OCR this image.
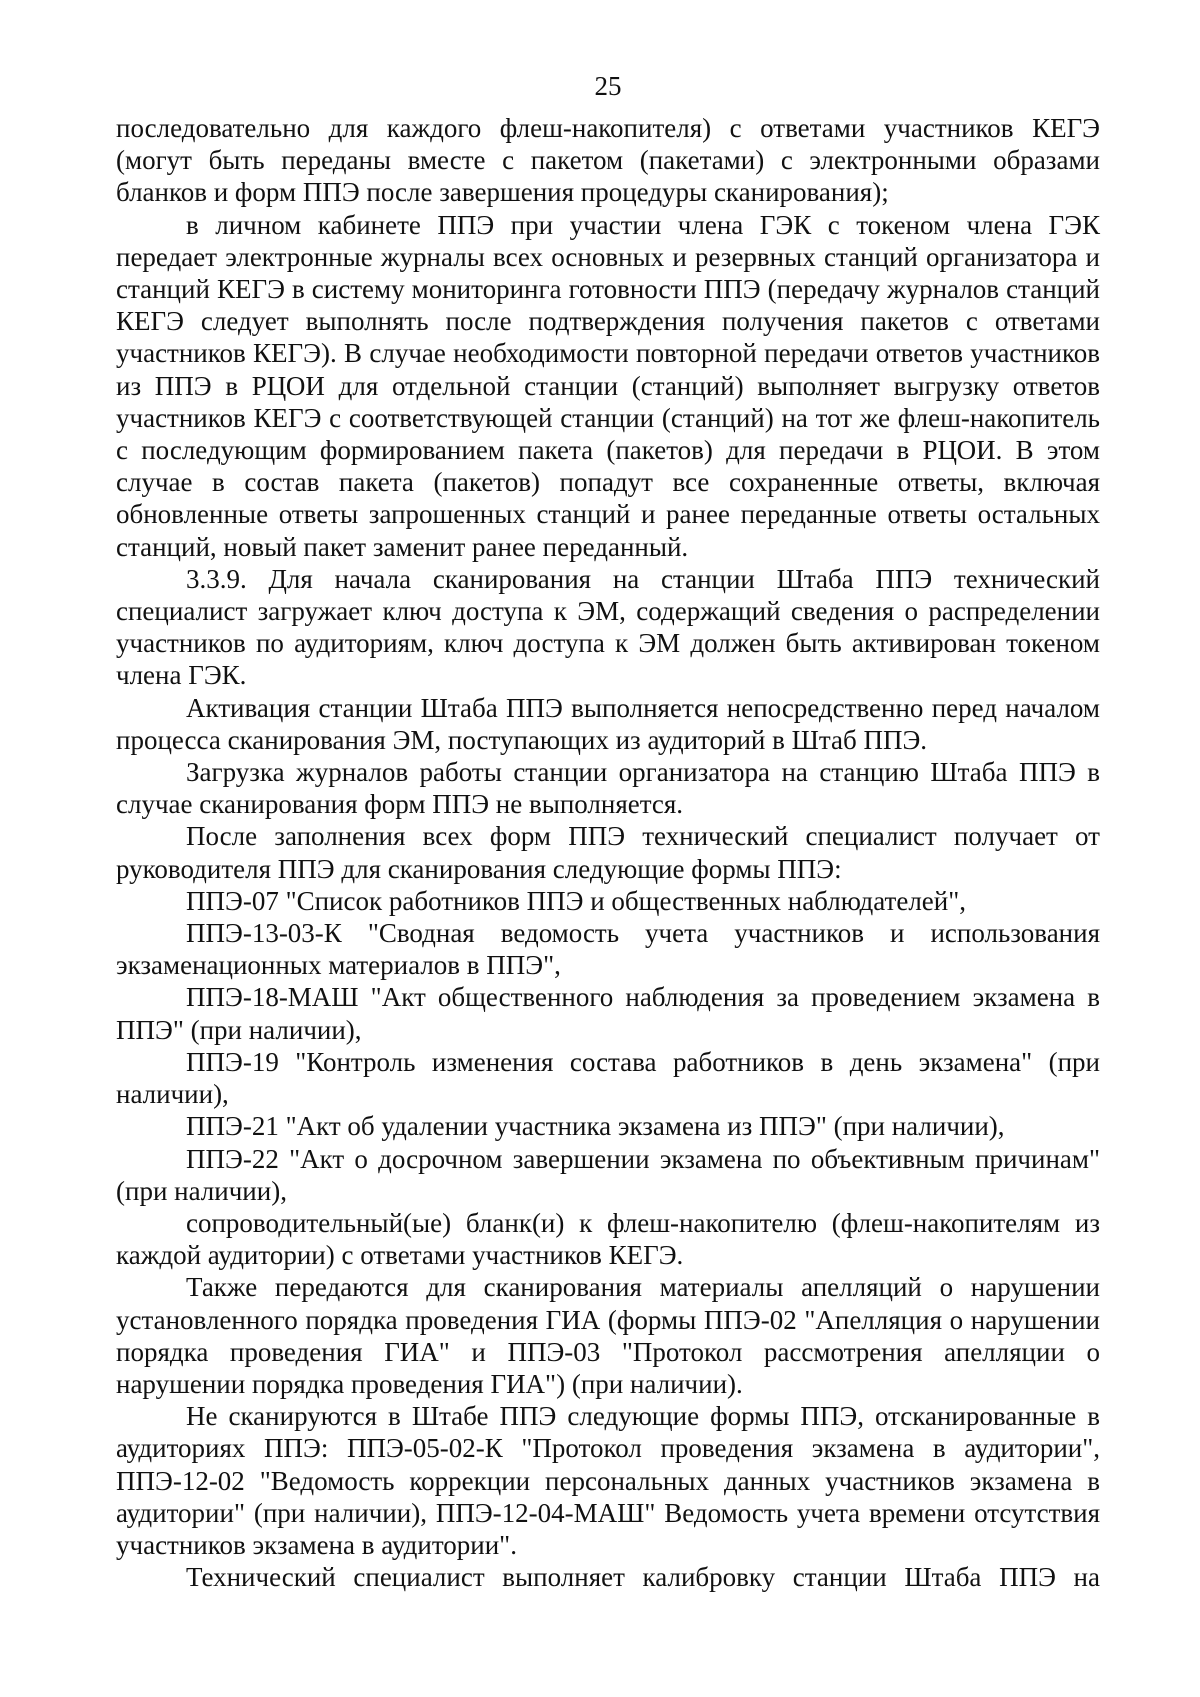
25

последовательно для каждого флеш-накопителя) с ответами участников КЕГЭ (могут быть переданы вместе с пакетом (пакетами) с электронными образами бланков и форм ППЭ после завершения процедуры сканирования);

в личном кабинете ППЭ при участии члена ГЭК с токеном члена ГЭК передает электронные журналы всех основных и резервных станций организатора и станций КЕГЭ в систему мониторинга готовности ППЭ (передачу журналов станций КЕГЭ следует выполнять после подтверждения получения пакетов с ответами участников КЕГЭ). В случае необходимости повторной передачи ответов участников из ППЭ в РЦОИ для отдельной станции (станций) выполняет выгрузку ответов участников КЕГЭ с соответствующей станции (станций) на тот же флеш-накопитель с последующим формированием пакета (пакетов) для передачи в РЦОИ. В этом случае в состав пакета (пакетов) попадут все сохраненные ответы, включая обновленные ответы запрошенных станций и ранее переданные ответы остальных станций, новый пакет заменит ранее переданный.

3.3.9. Для начала сканирования на станции Штаба ППЭ технический специалист загружает ключ доступа к ЭМ, содержащий сведения о распределении участников по аудиториям, ключ доступа к ЭМ должен быть активирован токеном члена ГЭК.

Активация станции Штаба ППЭ выполняется непосредственно перед началом процесса сканирования ЭМ, поступающих из аудиторий в Штаб ППЭ.

Загрузка журналов работы станции организатора на станцию Штаба ППЭ в случае сканирования форм ППЭ не выполняется.

После заполнения всех форм ППЭ технический специалист получает от руководителя ППЭ для сканирования следующие формы ППЭ:

ППЭ-07 "Список работников ППЭ и общественных наблюдателей",

ППЭ-13-03-К "Сводная ведомость учета участников и использования экзаменационных материалов в ППЭ",

ППЭ-18-МАШ "Акт общественного наблюдения за проведением экзамена в ППЭ" (при наличии),

ППЭ-19 "Контроль изменения состава работников в день экзамена" (при наличии),

ППЭ-21 "Акт об удалении участника экзамена из ППЭ" (при наличии),

ППЭ-22 "Акт о досрочном завершении экзамена по объективным причинам" (при наличии),

сопроводительный(ые) бланк(и) к флеш-накопителю (флеш-накопителям из каждой аудитории) с ответами участников КЕГЭ.

Также передаются для сканирования материалы апелляций о нарушении установленного порядка проведения ГИА (формы ППЭ-02 "Апелляция о нарушении порядка проведения ГИА" и ППЭ-03 "Протокол рассмотрения апелляции о нарушении порядка проведения ГИА") (при наличии).

Не сканируются в Штабе ППЭ следующие формы ППЭ, отсканированные в аудиториях ППЭ: ППЭ-05-02-К "Протокол проведения экзамена в аудитории", ППЭ-12-02 "Ведомость коррекции персональных данных участников экзамена в аудитории" (при наличии), ППЭ-12-04-МАШ" Ведомость учета времени отсутствия участников экзамена в аудитории".

Технический специалист выполняет калибровку станции Штаба ППЭ на
